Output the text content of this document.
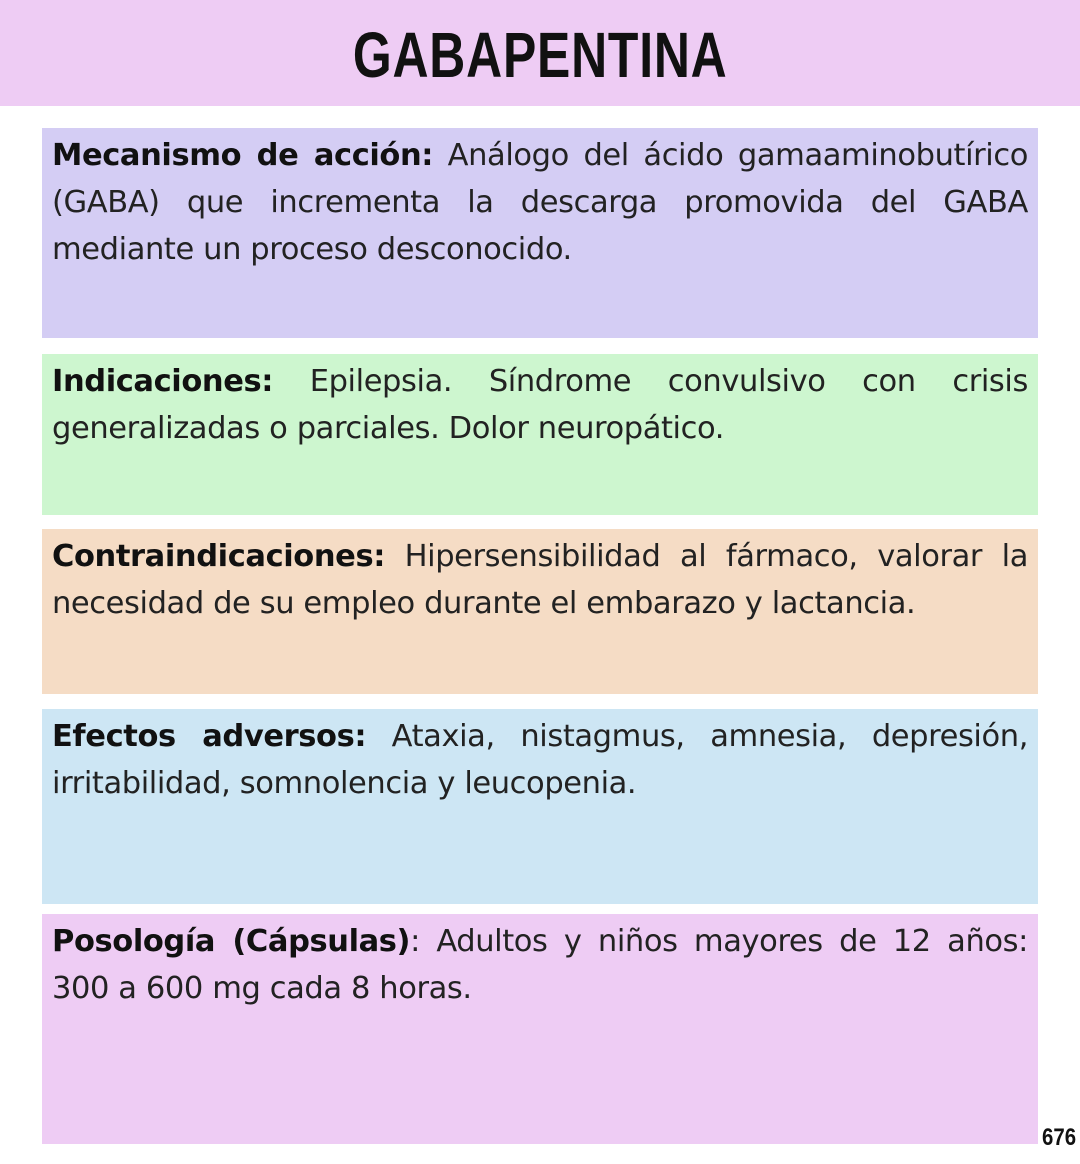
GABAPENTINA
Mecanismo de acción: Análogo del ácido gamaaminobutírico (GABA) que incrementa la descarga promovida del GABA mediante un proceso desconocido.
Indicaciones: Epilepsia. Síndrome convulsivo con crisis generalizadas o parciales. Dolor neuropático.
Contraindicaciones: Hipersensibilidad al fármaco, valorar la necesidad de su empleo durante el embarazo y lactancia.
Efectos adversos: Ataxia, nistagmus, amnesia, depresión, irritabilidad, somnolencia y leucopenia.
Posología (Cápsulas): Adultos y niños mayores de 12 años: 300 a 600 mg cada 8 horas.
676
